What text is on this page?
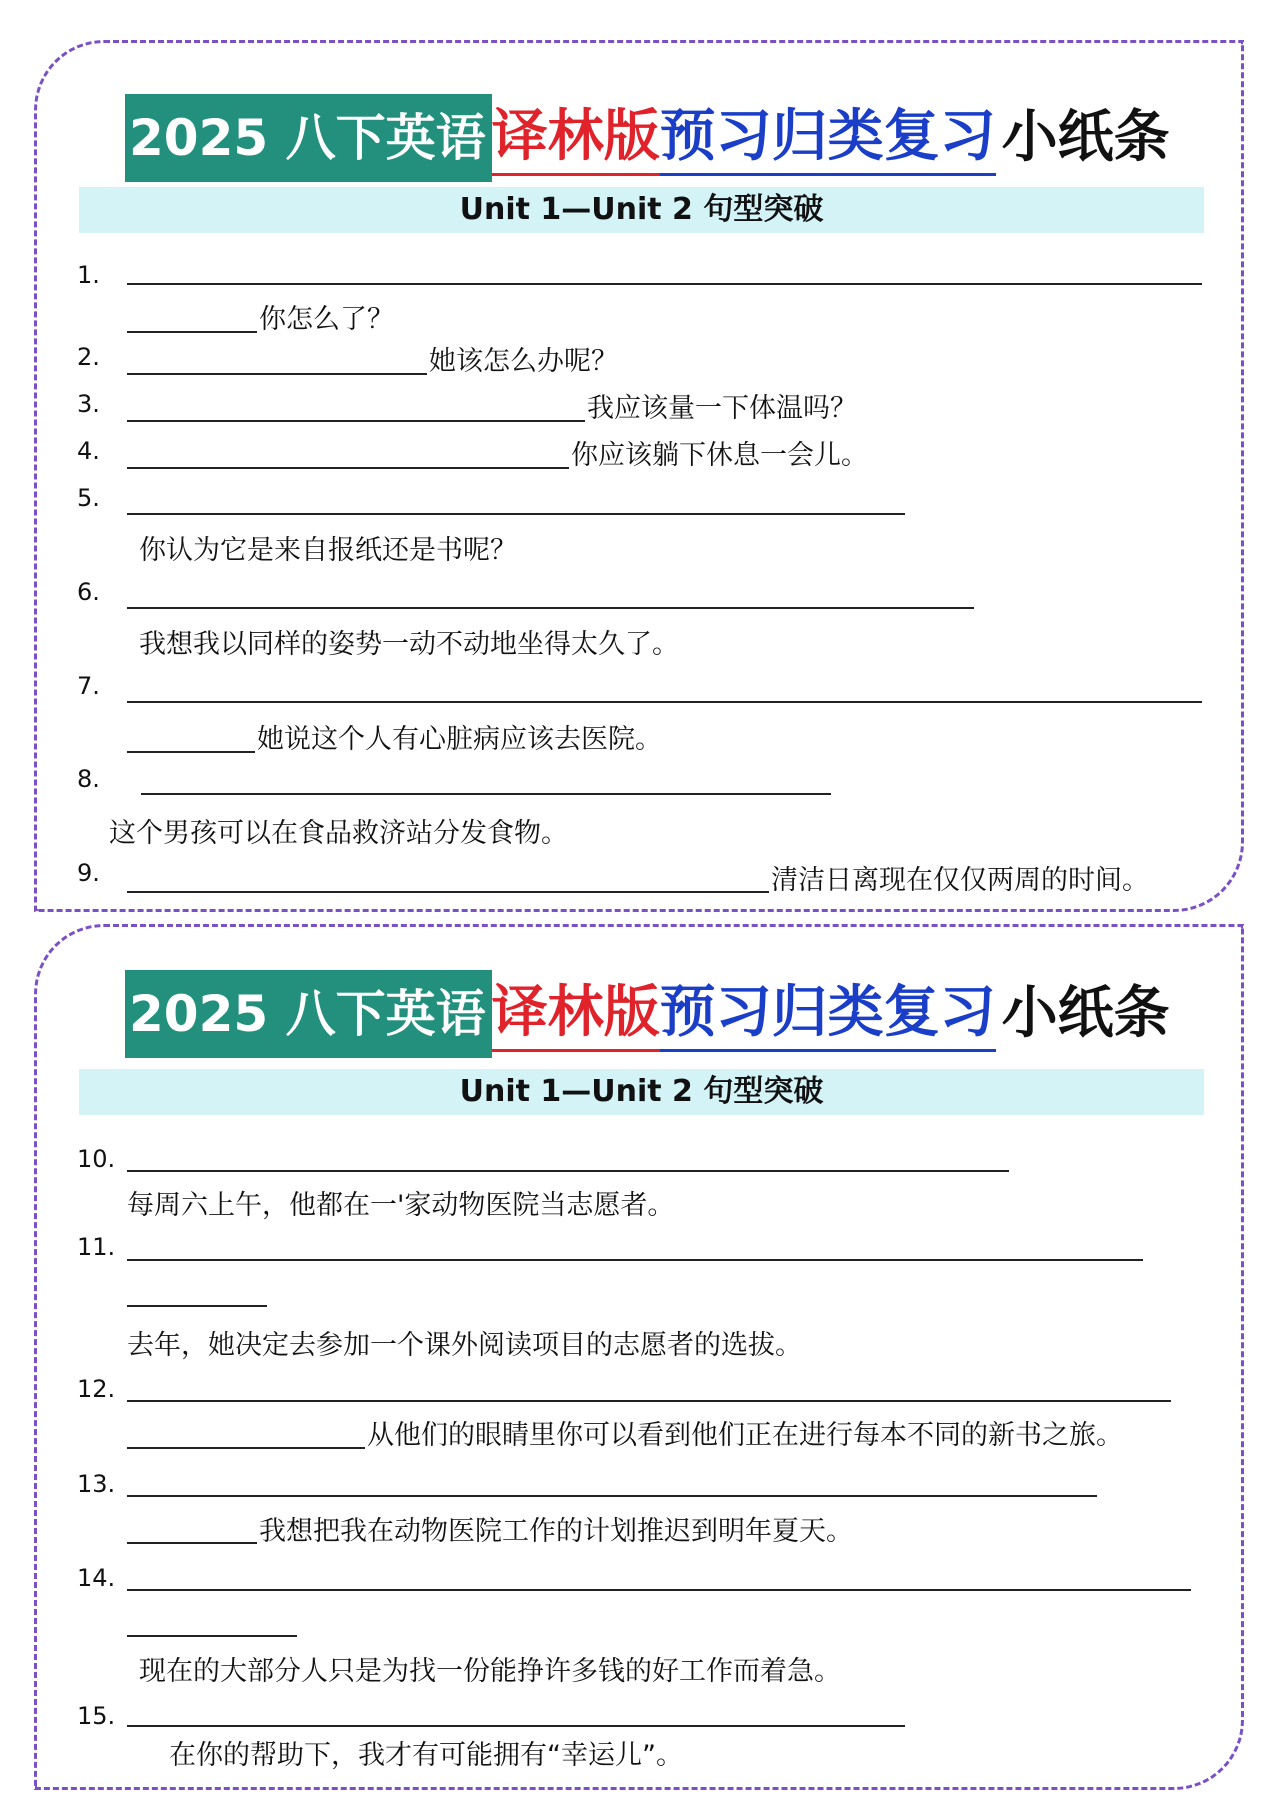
2025 八下英语 译林版 预习归类复习 小纸条
Unit 1—Unit 2 句型突破
1.
你怎么了？
2.	她该怎么办呢？
3.	我应该量一下体温吗？
4.	你应该躺下休息一会儿。
5.
你认为它是来自报纸还是书呢？
6.
我想我以同样的姿势一动不动地坐得太久了。
7.
她说这个人有心脏病应该去医院。
8.
这个男孩可以在食品救济站分发食物。
9.	清洁日离现在仅仅两周的时间。
2025 八下英语 译林版 预习归类复习 小纸条
Unit 1—Unit 2 句型突破
10.
每周六上午，他都在一'家动物医院当志愿者。
11.
去年，她决定去参加一个课外阅读项目的志愿者的选拔。
12.
从他们的眼睛里你可以看到他们正在进行每本不同的新书之旅。
13.
我想把我在动物医院工作的计划推迟到明年夏天。
14.
现在的大部分人只是为找一份能挣许多钱的好工作而着急。
15.
在你的帮助下，我才有可能拥有“幸运儿”。
